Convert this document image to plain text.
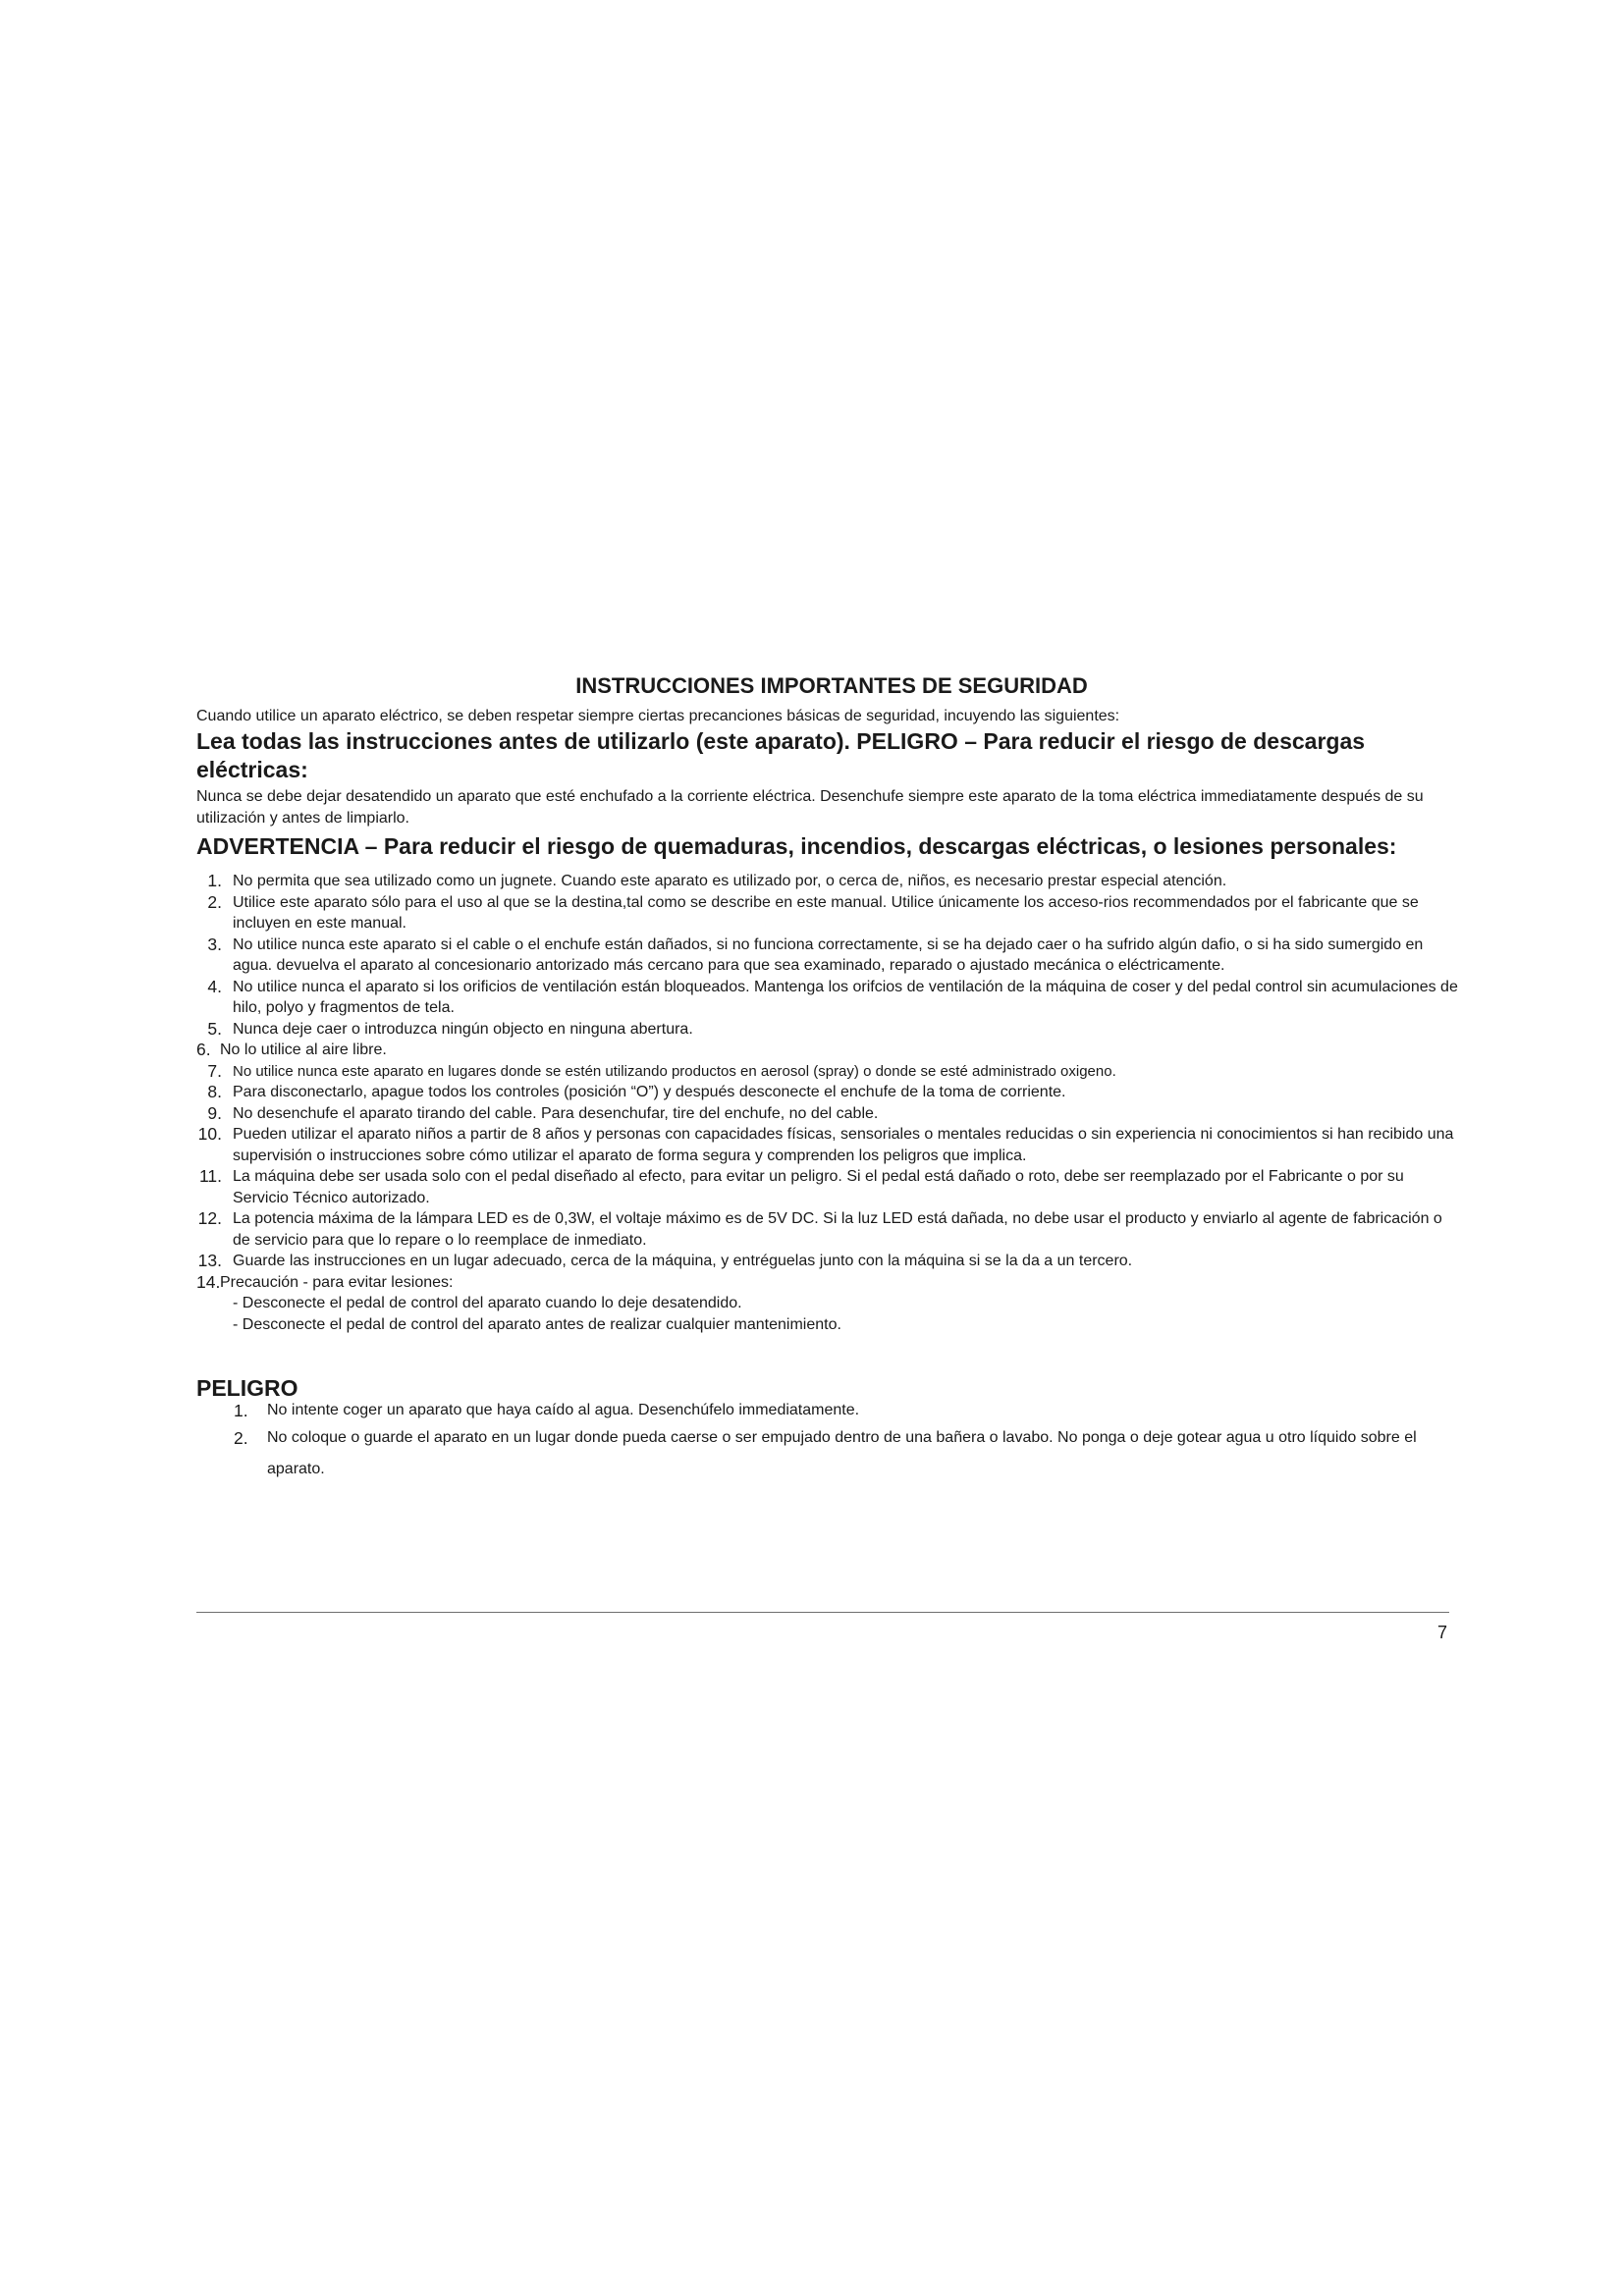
INSTRUCCIONES IMPORTANTES DE SEGURIDAD

Cuando utilice un aparato eléctrico, se deben respetar siempre ciertas precanciones básicas de seguridad, incuyendo las siguientes:

Lea todas las instrucciones antes de utilizarlo (este aparato). PELIGRO – Para reducir el riesgo de descargas eléctricas:

Nunca se debe dejar desatendido un aparato que esté enchufado a la corriente eléctrica. Desenchufe siempre este aparato de la toma eléctrica immediatamente después de su utilización y antes de limpiarlo.

ADVERTENCIA – Para reducir el riesgo de quemaduras, incendios, descargas eléctricas, o lesiones personales:
1. No permita que sea utilizado como un jugnete. Cuando este aparato es utilizado por, o cerca de, niños, es necesario prestar especial atención.
2. Utilice este aparato sólo para el uso al que se la destina,tal como se describe en este manual. Utilice únicamente los acceso-rios recommendados por el fabricante que se incluyen en este manual.
3. No utilice nunca este aparato si el cable o el enchufe están dañados, si no funciona correctamente, si se ha dejado caer o ha sufrido algún dafio, o si ha sido sumergido en agua. devuelva el aparato al concesionario antorizado más cercano para que sea examinado, reparado o ajustado mecánica o eléctricamente.
4. No utilice nunca el aparato si los orificios de ventilación están bloqueados. Mantenga los orifcios de ventilación de la máquina de coser y del pedal control sin acumulaciones de hilo, polyo y fragmentos de tela.
5. Nunca deje caer o introduzca ningún objecto en ninguna abertura.
6. No lo utilice al aire libre.
7. No utilice nunca este aparato en lugares donde se estén utilizando productos en aerosol (spray) o donde se esté administrado oxigeno.
8. Para disconectarlo, apague todos los controles (posición “O”) y después desconecte el enchufe de la toma de corriente.
9. No desenchufe el aparato tirando del cable. Para desenchufar, tire del enchufe, no del cable.
10. Pueden utilizar el aparato niños a partir de 8 años y personas con capacidades físicas, sensoriales o mentales reducidas o sin experiencia ni conocimientos si han recibido una supervisión o instrucciones sobre cómo utilizar el aparato de forma segura y comprenden los peligros que implica.
11. La máquina debe ser usada solo con el pedal diseñado al efecto, para evitar un peligro. Si el pedal está dañado o roto, debe ser reemplazado por el Fabricante o por su Servicio Técnico autorizado.
12. La potencia máxima de la lámpara LED es de 0,3W, el voltaje máximo es de 5V DC. Si la luz LED está dañada, no debe usar el producto y enviarlo al agente de fabricación o de servicio para que lo repare o lo reemplace de inmediato.
13. Guarde las instrucciones en un lugar adecuado, cerca de la máquina, y entréguelas junto con la máquina si se la da a un tercero.
14. Precaución - para evitar lesiones:
- Desconecte el pedal de control del aparato cuando lo deje desatendido.
- Desconecte el pedal de control del aparato antes de realizar cualquier mantenimiento.
PELIGRO
1. No intente coger un aparato que haya caído al agua. Desenchúfelo immediatamente.
2. No coloque o guarde el aparato en un lugar donde pueda caerse o ser empujado dentro de una bañera o lavabo. No ponga o deje gotear agua u otro líquido sobre el aparato.
7
